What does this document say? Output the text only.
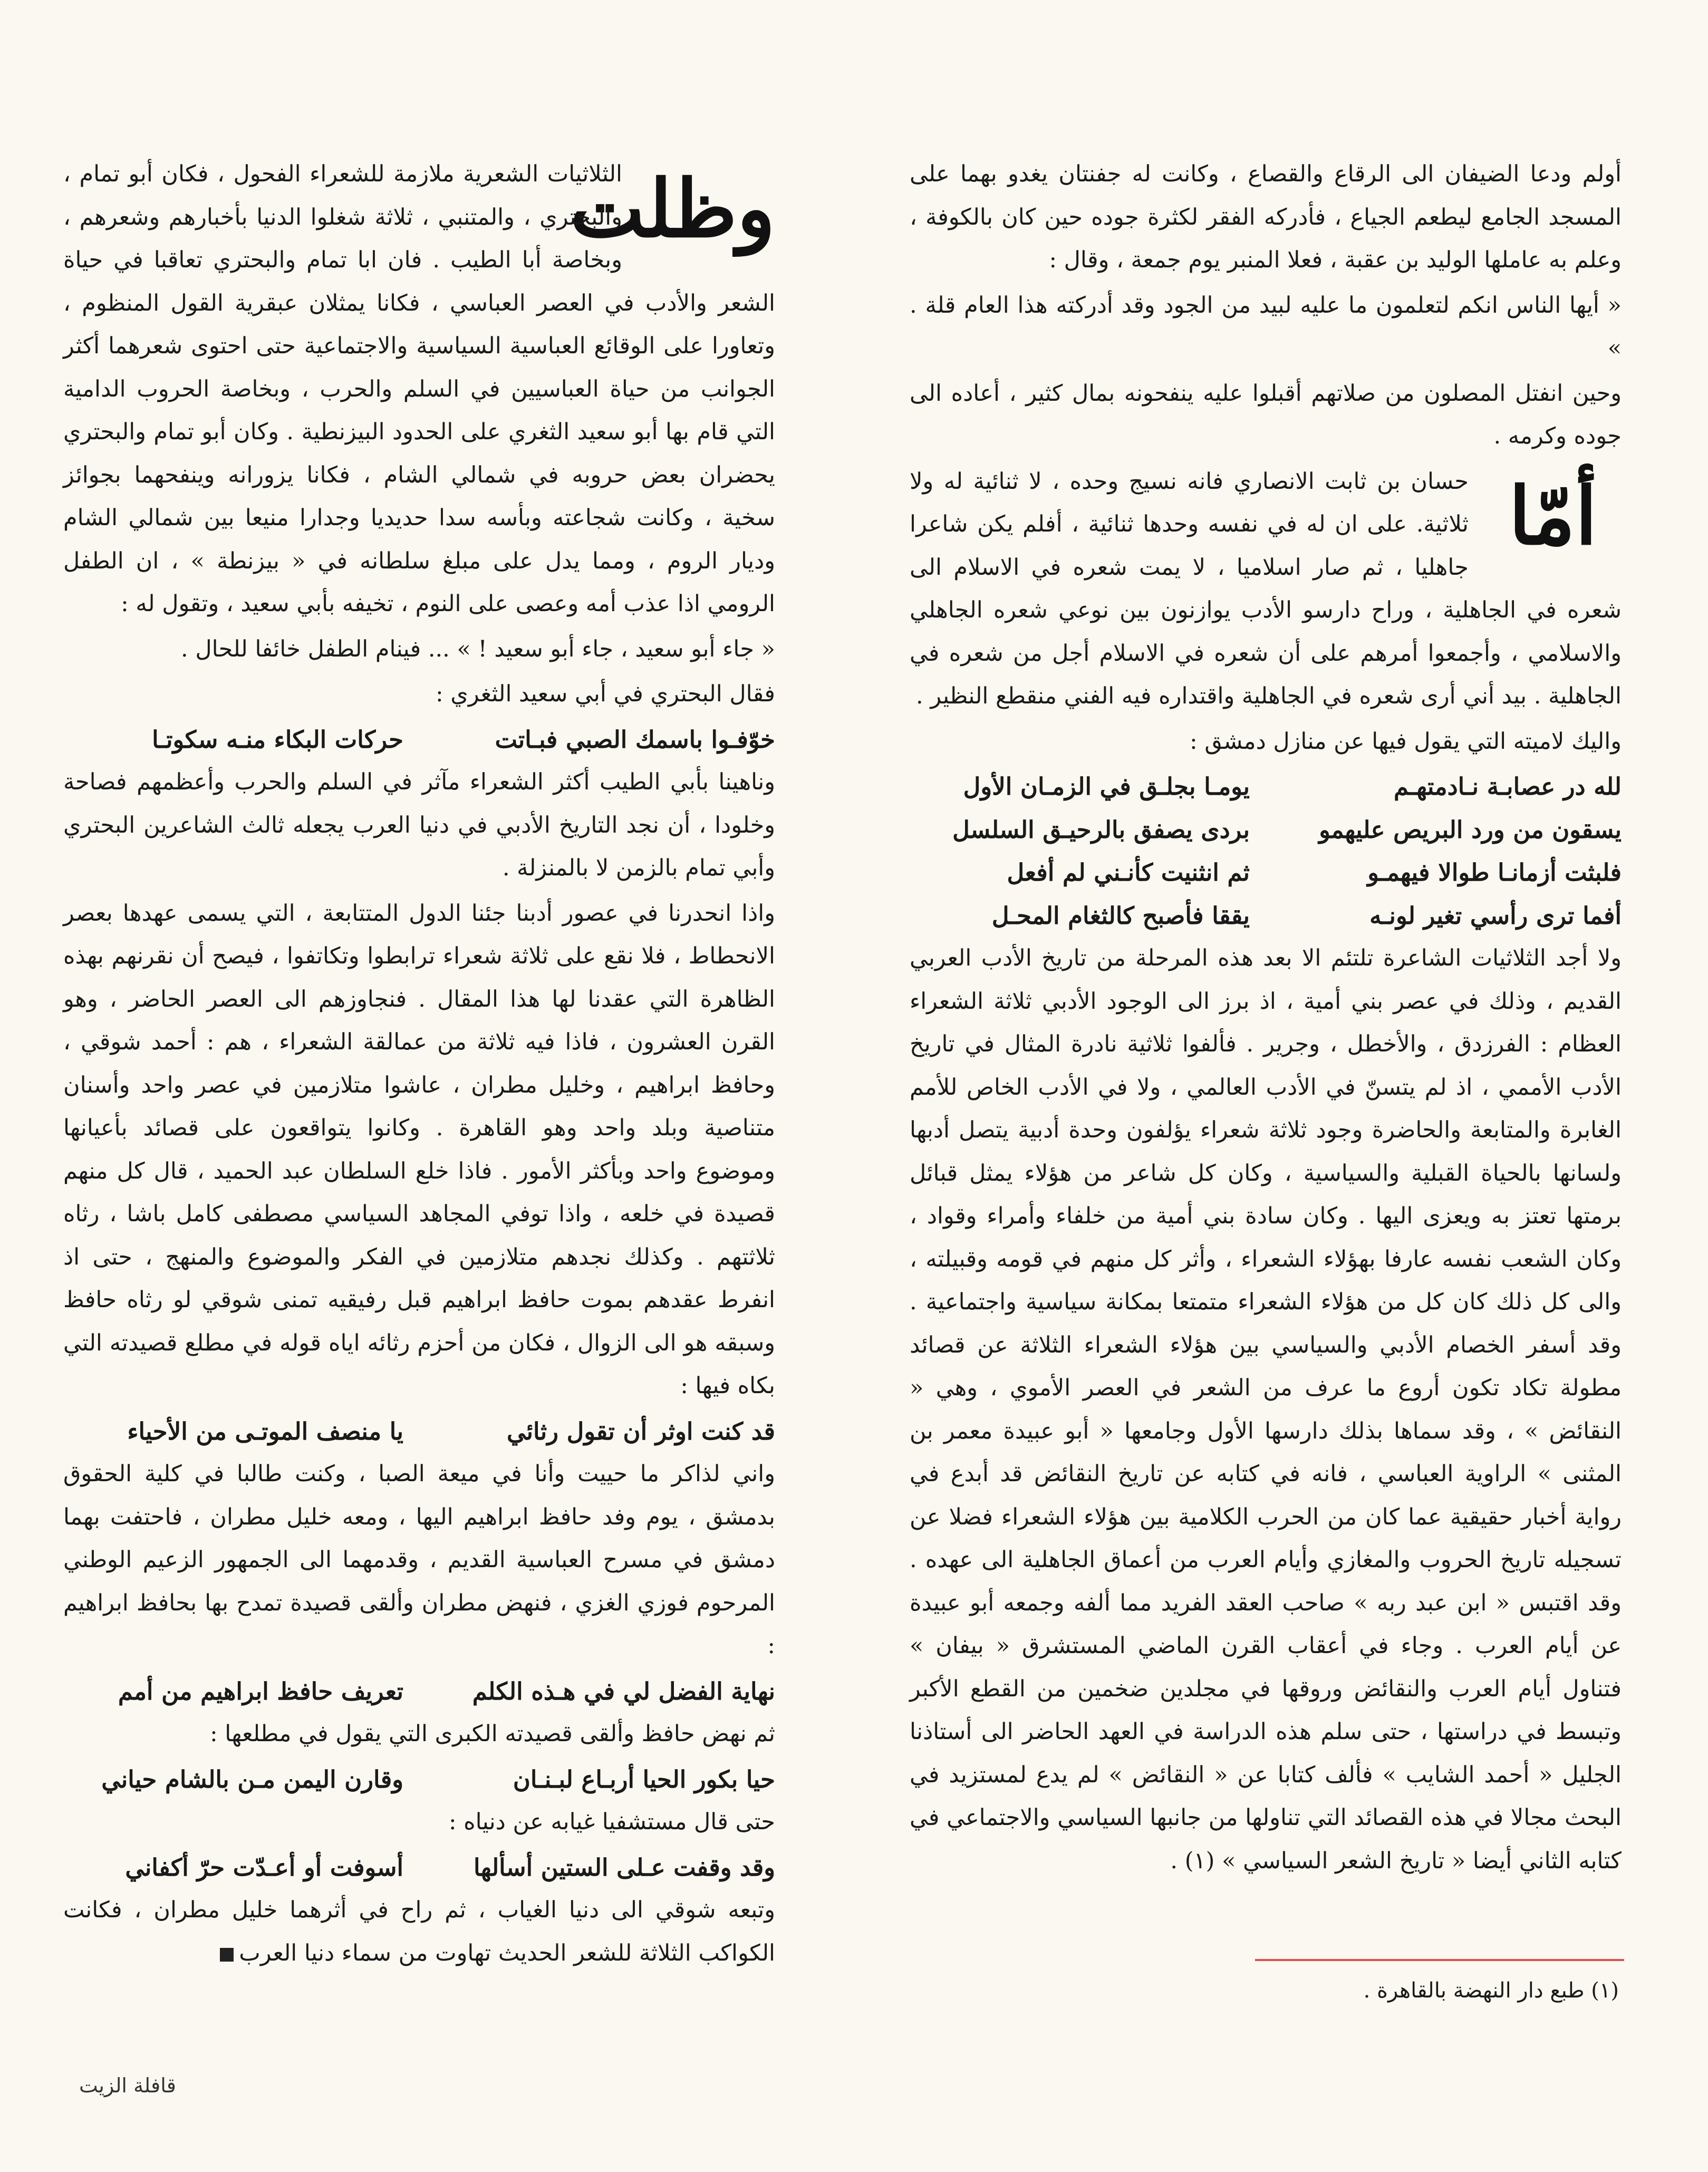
أولم ودعا الضيفان الى الرقاع والقصاع ، وكانت له جفنتان يغدو بهما على المسجد الجامع ليطعم الجياع ، فأدركه الفقر لكثرة جوده حين كان بالكوفة ، وعلم به عاملها الوليد بن عقبة ، فعلا المنبر يوم جمعة ، وقال :

« أيها الناس انكم لتعلمون ما عليه لبيد من الجود وقد أدركته هذا العام قلة . »

وحين انفتل المصلون من صلاتهم أقبلوا عليه ينفحونه بمال كثير ، أعاده الى جوده وكرمه .

أمّا

حسان بن ثابت الانصاري فانه نسيج وحده ، لا ثنائية له ولا ثلاثية. على ان له في نفسه وحدها ثنائية ، أفلم يكن شاعرا جاهليا ، ثم صار اسلاميا ، لا يمت شعره في الاسلام الى شعره في الجاهلية ، وراح دارسو الأدب يوازنون بين نوعي شعره الجاهلي والاسلامي ، وأجمعوا أمرهم على أن شعره في الاسلام أجل من شعره في الجاهلية . بيد أني أرى شعره في الجاهلية واقتداره فيه الفني منقطع النظير .

واليك لاميته التي يقول فيها عن منازل دمشق :

لله در عصابـة نـادمتهـم
يومـا بجلـق في الزمـان الأول
يسقون من ورد البريص عليهمو
بردى يصفق بالرحيـق السلسل
فلبثت أزمانـا طوالا فيهمـو
ثم انثنيت كأنـني لم أفعل
أفما ترى رأسي تغير لونـه
يققا فأصبح كالثغام المحـل

ولا أجد الثلاثيات الشاعرة تلتئم الا بعد هذه المرحلة من تاريخ الأدب العربي القديم ، وذلك في عصر بني أمية ، اذ برز الى الوجود الأدبي ثلاثة الشعراء العظام : الفرزدق ، والأخطل ، وجرير . فألفوا ثلاثية نادرة المثال في تاريخ الأدب الأممي ، اذ لم يتسنّ في الأدب العالمي ، ولا في الأدب الخاص للأمم الغابرة والمتابعة والحاضرة وجود ثلاثة شعراء يؤلفون وحدة أدبية يتصل أدبها ولسانها بالحياة القبلية والسياسية ، وكان كل شاعر من هؤلاء يمثل قبائل برمتها تعتز به ويعزى اليها . وكان سادة بني أمية من خلفاء وأمراء وقواد ، وكان الشعب نفسه عارفا بهؤلاء الشعراء ، وأثر كل منهم في قومه وقبيلته ، والى كل ذلك كان كل من هؤلاء الشعراء متمتعا بمكانة سياسية واجتماعية . وقد أسفر الخصام الأدبي والسياسي بين هؤلاء الشعراء الثلاثة عن قصائد مطولة تكاد تكون أروع ما عرف من الشعر في العصر الأموي ، وهي « النقائض » ، وقد سماها بذلك دارسها الأول وجامعها « أبو عبيدة معمر بن المثنى » الراوية العباسي ، فانه في كتابه عن تاريخ النقائض قد أبدع في رواية أخبار حقيقية عما كان من الحرب الكلامية بين هؤلاء الشعراء فضلا عن تسجيله تاريخ الحروب والمغازي وأيام العرب من أعماق الجاهلية الى عهده . وقد اقتبس « ابن عبد ربه » صاحب العقد الفريد مما ألفه وجمعه أبو عبيدة عن أيام العرب . وجاء في أعقاب القرن الماضي المستشرق « بيفان » فتناول أيام العرب والنقائض وروقها في مجلدين ضخمين من القطع الأكبر وتبسط في دراستها ، حتى سلم هذه الدراسة في العهد الحاضر الى أستاذنا الجليل « أحمد الشايب » فألف كتابا عن « النقائض » لم يدع لمستزيد في البحث مجالا في هذه القصائد التي تناولها من جانبها السياسي والاجتماعي في كتابه الثاني أيضا « تاريخ الشعر السياسي » (١) .

وظلت

الثلاثيات الشعرية ملازمة للشعراء الفحول ، فكان أبو تمام ، والبحتري ، والمتنبي ، ثلاثة شغلوا الدنيا بأخبارهم وشعرهم ، وبخاصة أبا الطيب . فان ابا تمام والبحتري تعاقبا في حياة الشعر والأدب في العصر العباسي ، فكانا يمثلان عبقرية القول المنظوم ، وتعاورا على الوقائع العباسية السياسية والاجتماعية حتى احتوى شعرهما أكثر الجوانب من حياة العباسيين في السلم والحرب ، وبخاصة الحروب الدامية التي قام بها أبو سعيد الثغري على الحدود البيزنطية . وكان أبو تمام والبحتري يحضران بعض حروبه في شمالي الشام ، فكانا يزورانه وينفحهما بجوائز سخية ، وكانت شجاعته وبأسه سدا حديديا وجدارا منيعا بين شمالي الشام وديار الروم ، ومما يدل على مبلغ سلطانه في « بيزنطة » ، ان الطفل الرومي اذا عذب أمه وعصى على النوم ، تخيفه بأبي سعيد ، وتقول له :

« جاء أبو سعيد ، جاء أبو سعيد ! » ... فينام الطفل خائفا للحال .

فقال البحتري في أبي سعيد الثغري :

خوّفـوا باسمك الصبي فبـاتت
حركات البكاء منـه سكوتـا

وناهينا بأبي الطيب أكثر الشعراء مآثر في السلم والحرب وأعظمهم فصاحة وخلودا ، أن نجد التاريخ الأدبي في دنيا العرب يجعله ثالث الشاعرين البحتري وأبي تمام بالزمن لا بالمنزلة .

واذا انحدرنا في عصور أدبنا جئنا الدول المتتابعة ، التي يسمى عهدها بعصر الانحطاط ، فلا نقع على ثلاثة شعراء ترابطوا وتكاتفوا ، فيصح أن نقرنهم بهذه الظاهرة التي عقدنا لها هذا المقال . فنجاوزهم الى العصر الحاضر ، وهو القرن العشرون ، فاذا فيه ثلاثة من عمالقة الشعراء ، هم : أحمد شوقي ، وحافظ ابراهيم ، وخليل مطران ، عاشوا متلازمين في عصر واحد وأسنان متناصية وبلد واحد وهو القاهرة . وكانوا يتواقعون على قصائد بأعيانها وموضوع واحد وبأكثر الأمور . فاذا خلع السلطان عبد الحميد ، قال كل منهم قصيدة في خلعه ، واذا توفي المجاهد السياسي مصطفى كامل باشا ، رثاه ثلاثتهم . وكذلك نجدهم متلازمين في الفكر والموضوع والمنهج ، حتى اذ انفرط عقدهم بموت حافظ ابراهيم قبل رفيقيه تمنى شوقي لو رثاه حافظ وسبقه هو الى الزوال ، فكان من أحزم رثائه اياه قوله في مطلع قصيدته التي بكاه فيها :

قد كنت اوثر أن تقول رثائي
يا منصف الموتـى من الأحياء

واني لذاكر ما حييت وأنا في ميعة الصبا ، وكنت طالبا في كلية الحقوق بدمشق ، يوم وفد حافظ ابراهيم اليها ، ومعه خليل مطران ، فاحتفت بهما دمشق في مسرح العباسية القديم ، وقدمهما الى الجمهور الزعيم الوطني المرحوم فوزي الغزي ، فنهض مطران وألقى قصيدة تمدح بها بحافظ ابراهيم :

نهاية الفضل لي في هـذه الكلم
تعريف حافظ ابراهيم من أمم

ثم نهض حافظ وألقى قصيدته الكبرى التي يقول في مطلعها :

حيا بكور الحيا أربـاع لبـنـان
وقارن اليمن مـن بالشام حياني

حتى قال مستشفيا غيابه عن دنياه :

وقد وقفت عـلى الستين أسألها
أسوفت أو أعـدّت حرّ أكفاني

وتبعه شوقي الى دنيا الغياب ، ثم راح في أثرهما خليل مطران ، فكانت الكواكب الثلاثة للشعر الحديث تهاوت من سماء دنيا العرب

(١) طبع دار النهضة بالقاهرة .
قافلة الزيت
